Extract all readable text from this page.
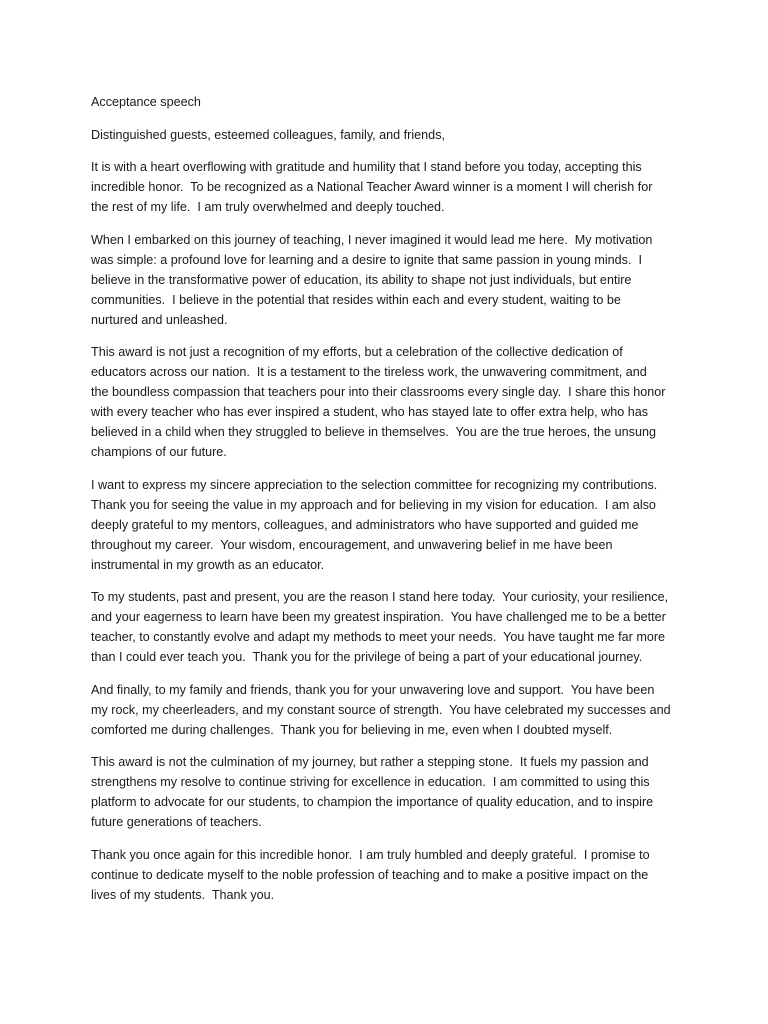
Acceptance speech
Distinguished guests, esteemed colleagues, family, and friends,
It is with a heart overflowing with gratitude and humility that I stand before you today, accepting this
incredible honor.  To be recognized as a National Teacher Award winner is a moment I will cherish for
the rest of my life.  I am truly overwhelmed and deeply touched.
When I embarked on this journey of teaching, I never imagined it would lead me here.  My motivation
was simple: a profound love for learning and a desire to ignite that same passion in young minds.  I
believe in the transformative power of education, its ability to shape not just individuals, but entire
communities.  I believe in the potential that resides within each and every student, waiting to be
nurtured and unleashed.
This award is not just a recognition of my efforts, but a celebration of the collective dedication of
educators across our nation.  It is a testament to the tireless work, the unwavering commitment, and
the boundless compassion that teachers pour into their classrooms every single day.  I share this honor
with every teacher who has ever inspired a student, who has stayed late to offer extra help, who has
believed in a child when they struggled to believe in themselves.  You are the true heroes, the unsung
champions of our future.
I want to express my sincere appreciation to the selection committee for recognizing my contributions.
Thank you for seeing the value in my approach and for believing in my vision for education.  I am also
deeply grateful to my mentors, colleagues, and administrators who have supported and guided me
throughout my career.  Your wisdom, encouragement, and unwavering belief in me have been
instrumental in my growth as an educator.
To my students, past and present, you are the reason I stand here today.  Your curiosity, your resilience,
and your eagerness to learn have been my greatest inspiration.  You have challenged me to be a better
teacher, to constantly evolve and adapt my methods to meet your needs.  You have taught me far more
than I could ever teach you.  Thank you for the privilege of being a part of your educational journey.
And finally, to my family and friends, thank you for your unwavering love and support.  You have been
my rock, my cheerleaders, and my constant source of strength.  You have celebrated my successes and
comforted me during challenges.  Thank you for believing in me, even when I doubted myself.
This award is not the culmination of my journey, but rather a stepping stone.  It fuels my passion and
strengthens my resolve to continue striving for excellence in education.  I am committed to using this
platform to advocate for our students, to champion the importance of quality education, and to inspire
future generations of teachers.
Thank you once again for this incredible honor.  I am truly humbled and deeply grateful.  I promise to
continue to dedicate myself to the noble profession of teaching and to make a positive impact on the
lives of my students.  Thank you.
